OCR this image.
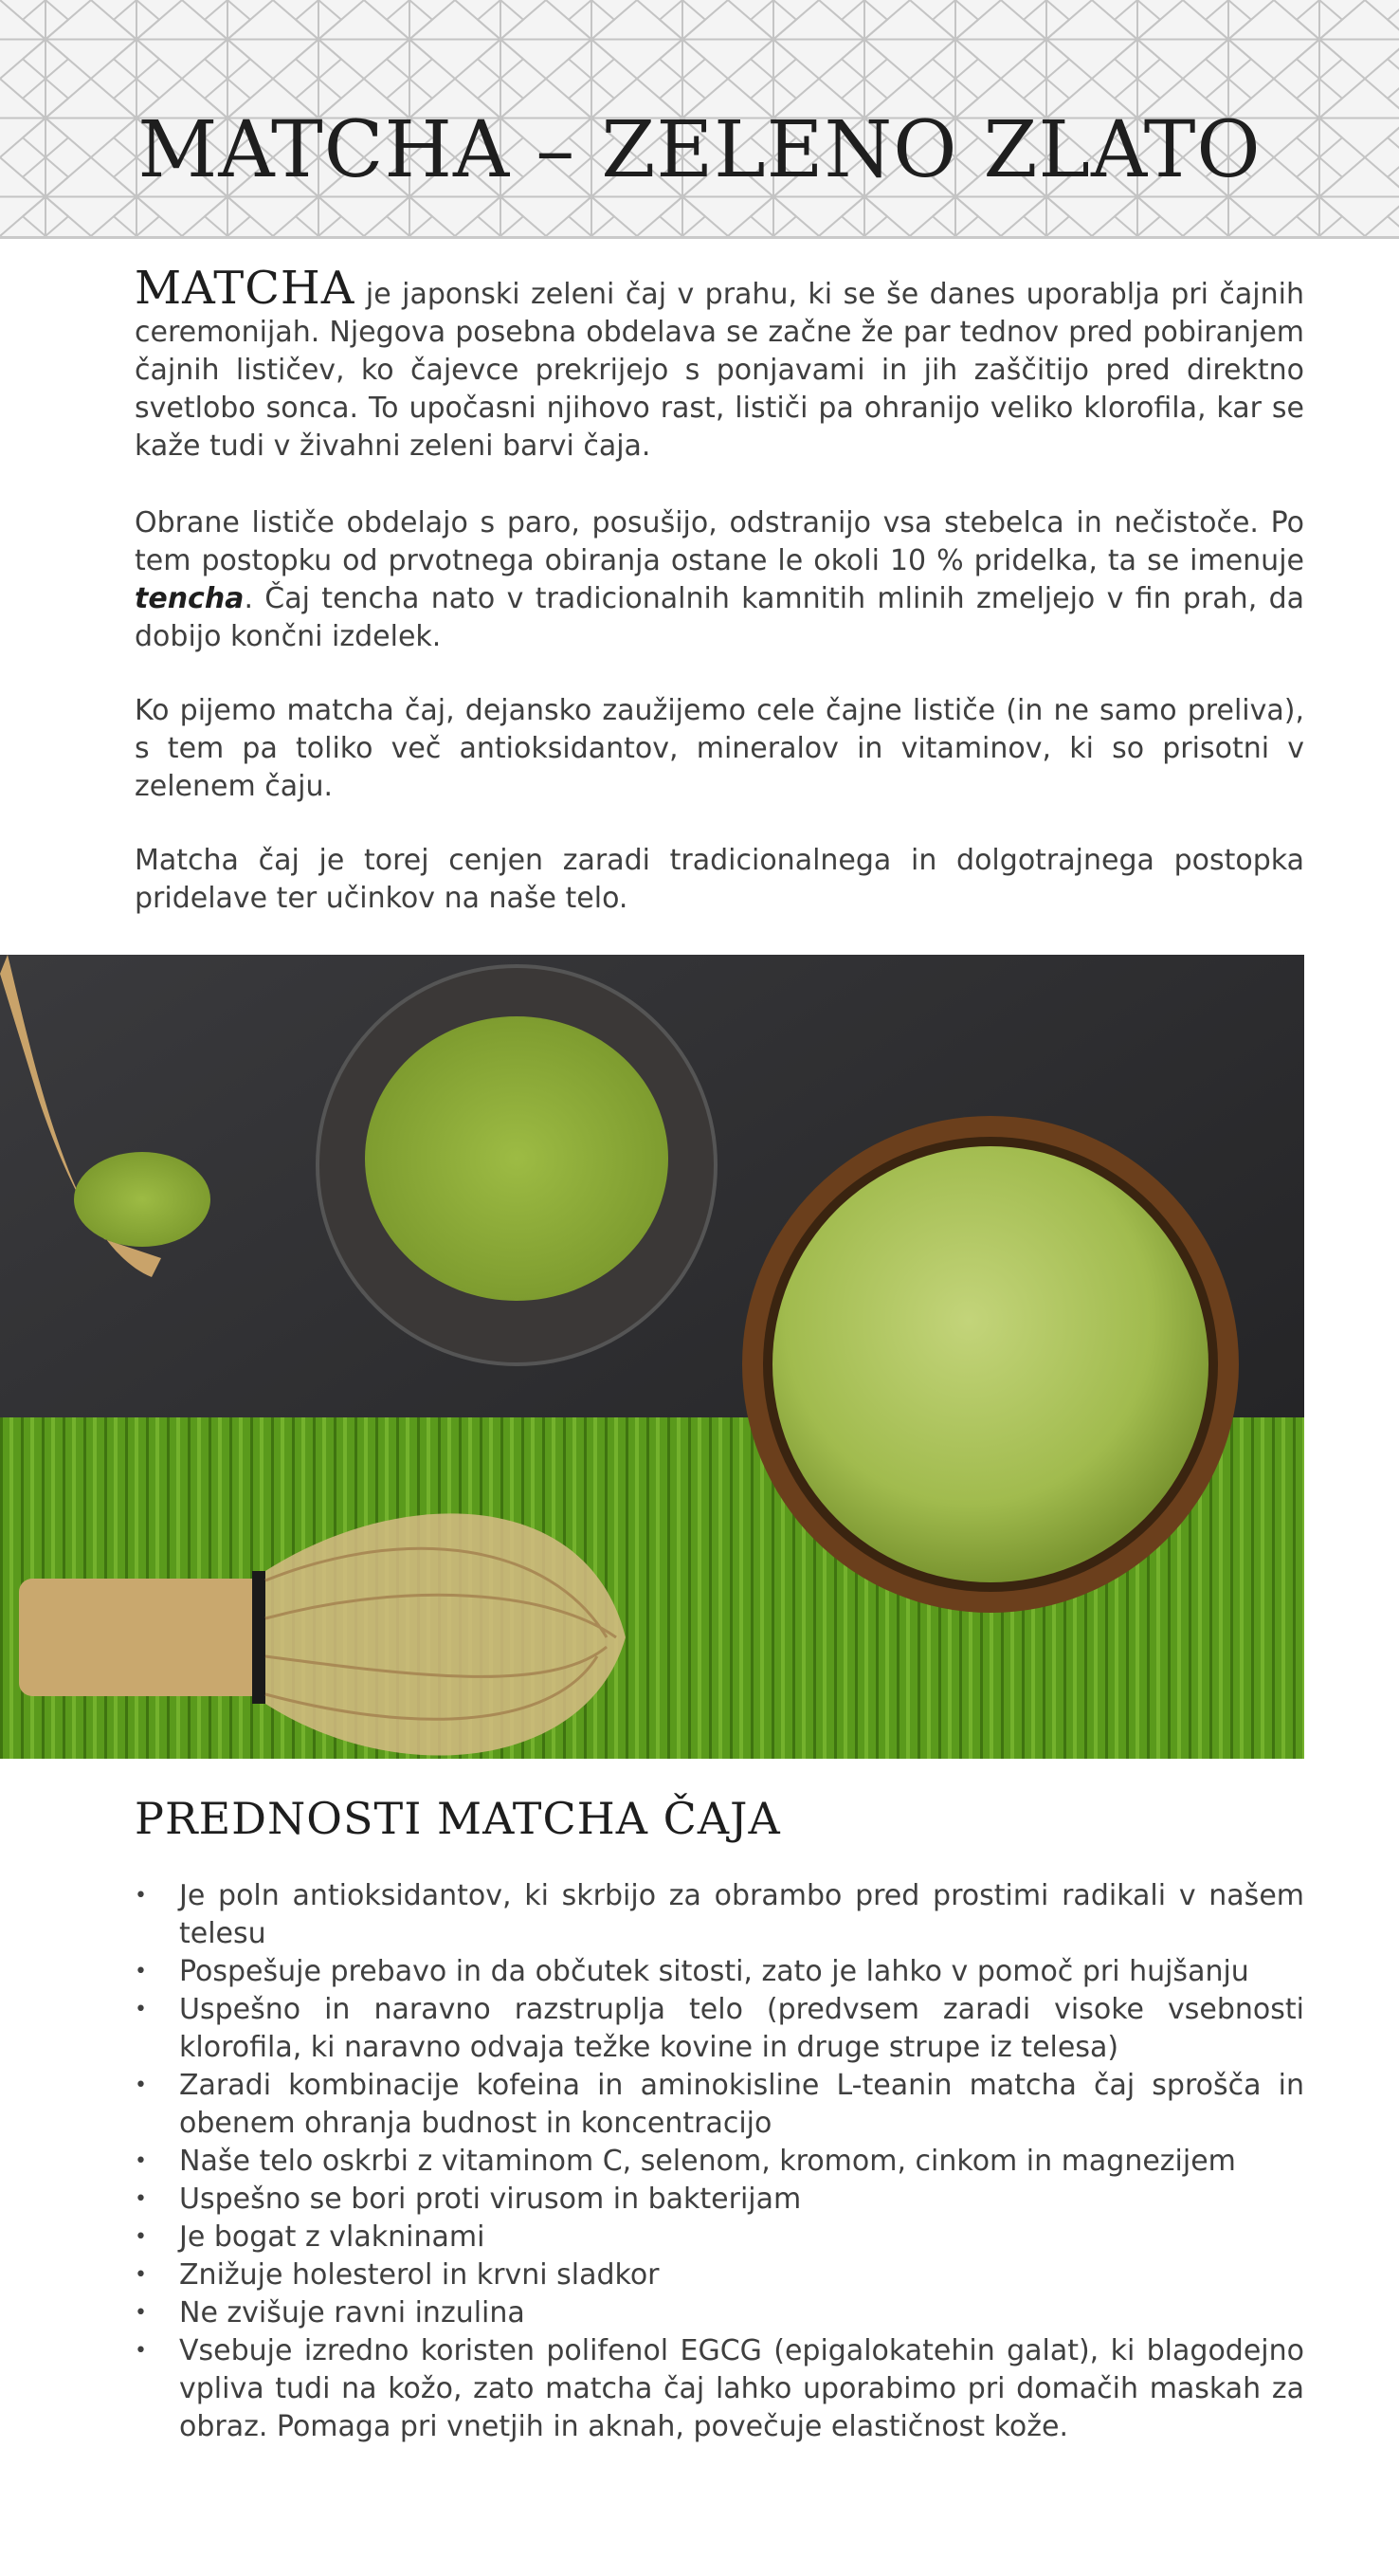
MATCHA – ZELENO ZLATO

MATCHA je japonski zeleni čaj v prahu, ki se še danes uporablja pri čajnih ceremonijah. Njegova posebna obdelava se začne že par tednov pred pobiranjem čajnih lističev, ko čajevce prekrijejo s ponjavami in jih zaščitijo pred direktno svetlobo sonca. To upočasni njihovo rast, lističi pa ohranijo veliko klorofila, kar se kaže tudi v živahni zeleni barvi čaja.

Obrane lističe obdelajo s paro, posušijo, odstranijo vsa stebelca in nečistoče. Po tem postopku od prvotnega obiranja ostane le okoli 10 % pridelka, ta se imenuje tencha. Čaj tencha nato v tradicionalnih kamnitih mlinih zmeljejo v fin prah, da dobijo končni izdelek.

Ko pijemo matcha čaj, dejansko zaužijemo cele čajne lističe (in ne samo preliva), s tem pa toliko več antioksidantov, mineralov in vitaminov, ki so prisotni v zelenem čaju.

Matcha čaj je torej cenjen zaradi tradicionalnega in dolgotrajnega postopka pridelave ter učinkov na naše telo.

PREDNOSTI MATCHA ČAJA
• Je poln antioksidantov, ki skrbijo za obrambo pred prostimi radikali v našem telesu
• Pospešuje prebavo in da občutek sitosti, zato je lahko v pomoč pri hujšanju
• Uspešno in naravno razstruplja telo (predvsem zaradi visoke vsebnosti klorofila, ki naravno odvaja težke kovine in druge strupe iz telesa)
• Zaradi kombinacije kofeina in aminokisline L-teanin matcha čaj sprošča in obenem ohranja budnost in koncentracijo
• Naše telo oskrbi z vitaminom C, selenom, kromom, cinkom in magnezijem
• Uspešno se bori proti virusom in bakterijam
• Je bogat z vlakninami
• Znižuje holesterol in krvni sladkor
• Ne zvišuje ravni inzulina
• Vsebuje izredno koristen polifenol EGCG (epigalokatehin galat), ki blagodejno vpliva tudi na kožo, zato matcha čaj lahko uporabimo pri domačih maskah za obraz. Pomaga pri vnetjih in aknah, povečuje elastičnost kože.
